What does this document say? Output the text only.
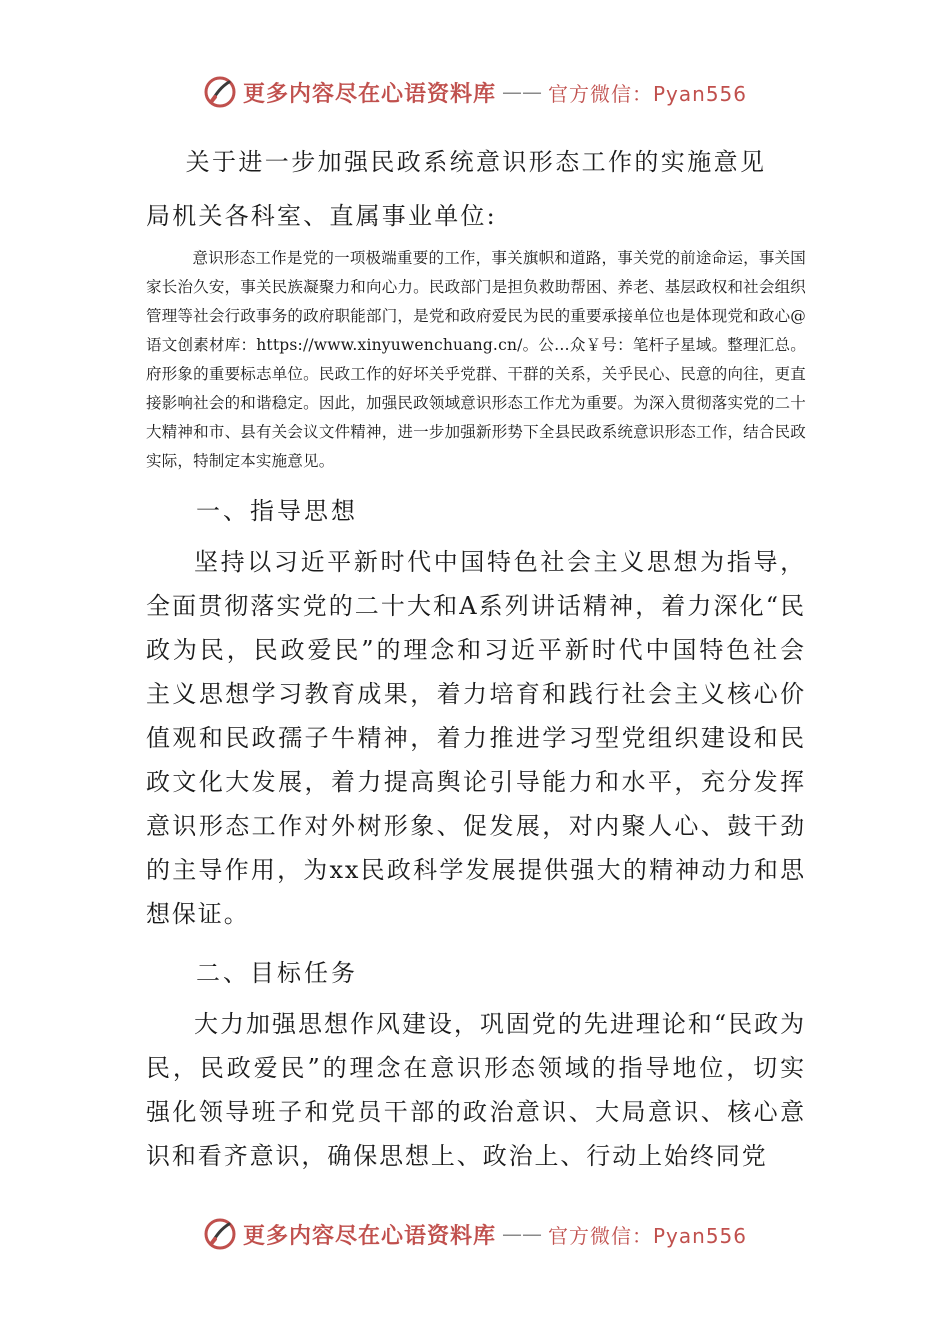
更多内容尽在心语资料库 —— 官方微信：Pyan556
关于进一步加强民政系统意识形态工作的实施意见

局机关各科室、直属事业单位:

意识形态工作是党的一项极端重要的工作，事关旗帜和道路，事关党的前途命运，事关国家长治久安，事关民族凝聚力和向心力。民政部门是担负救助帮困、养老、基层政权和社会组织管理等社会行政事务的政府职能部门，是党和政府爱民为民的重要承接单位也是体现党和政心@语文创素材库：https://www.xinyuwenchuang.cn/。公…众￥号：笔杆子星域。整理汇总。府形象的重要标志单位。民政工作的好坏关乎党群、干群的关系，关乎民心、民意的向往，更直接影响社会的和谐稳定。因此，加强民政领域意识形态工作尤为重要。为深入贯彻落实党的二十大精神和市、县有关会议文件精神，进一步加强新形势下全县民政系统意识形态工作，结合民政实际，特制定本实施意见。

一、指导思想

坚持以习近平新时代中国特色社会主义思想为指导，全面贯彻落实党的二十大和A系列讲话精神，着力深化“民政为民，民政爱民”的理念和习近平新时代中国特色社会主义思想学习教育成果，着力培育和践行社会主义核心价值观和民政孺子牛精神，着力推进学习型党组织建设和民政文化大发展，着力提高舆论引导能力和水平，充分发挥意识形态工作对外树形象、促发展，对内聚人心、鼓干劲的主导作用，为xx民政科学发展提供强大的精神动力和思想保证。

二、目标任务

大力加强思想作风建设，巩固党的先进理论和“民政为民，民政爱民”的理念在意识形态领域的指导地位，切实强化领导班子和党员干部的政治意识、大局意识、核心意识和看齐意识，确保思想上、政治上、行动上始终同党

更多内容尽在心语资料库 —— 官方微信：Pyan556
